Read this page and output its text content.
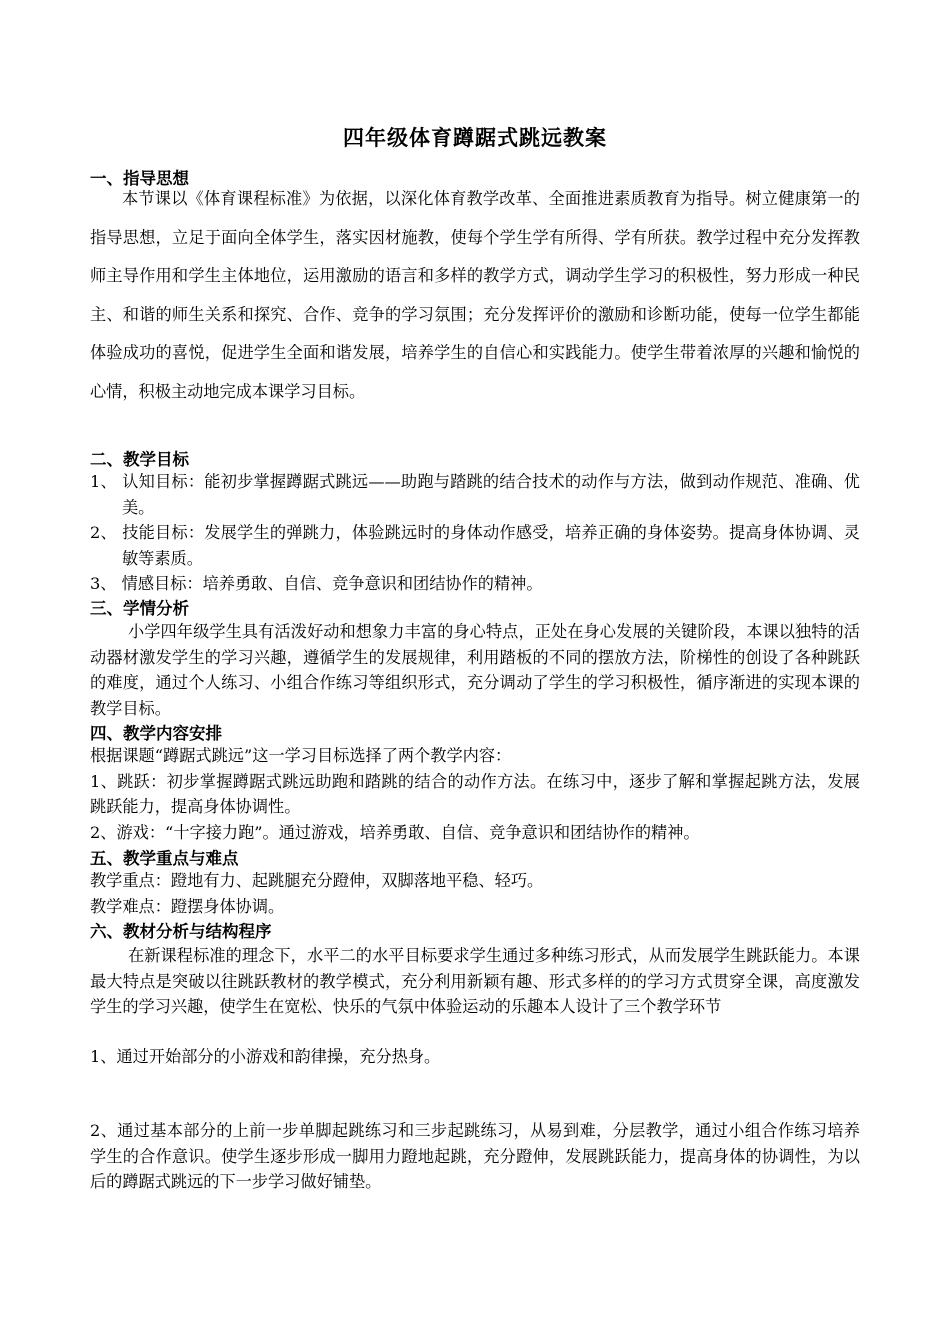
四年级体育蹲踞式跳远教案
一、指导思想
本节课以《体育课程标准》为依据，以深化体育教学改革、全面推进素质教育为指导。树立健康第一的指导思想，立足于面向全体学生，落实因材施教，使每个学生学有所得、学有所获。教学过程中充分发挥教师主导作用和学生主体地位，运用激励的语言和多样的教学方式，调动学生学习的积极性，努力形成一种民主、和谐的师生关系和探究、合作、竞争的学习氛围；充分发挥评价的激励和诊断功能，使每一位学生都能体验成功的喜悦，促进学生全面和谐发展，培养学生的自信心和实践能力。使学生带着浓厚的兴趣和愉悦的心情，积极主动地完成本课学习目标。
二、教学目标
1、 认知目标：能初步掌握蹲踞式跳远——助跑与踏跳的结合技术的动作与方法，做到动作规范、准确、优美。
2、 技能目标：发展学生的弹跳力，体验跳远时的身体动作感受，培养正确的身体姿势。提高身体协调、灵敏等素质。
3、 情感目标：培养勇敢、自信、竞争意识和团结协作的精神。
三、学情分析
小学四年级学生具有活泼好动和想象力丰富的身心特点，正处在身心发展的关键阶段，本课以独特的活动器材激发学生的学习兴趣，遵循学生的发展规律，利用踏板的不同的摆放方法，阶梯性的创设了各种跳跃的难度，通过个人练习、小组合作练习等组织形式，充分调动了学生的学习积极性，循序渐进的实现本课的教学目标。
四、教学内容安排
根据课题“蹲踞式跳远”这一学习目标选择了两个教学内容：
1、跳跃：初步掌握蹲踞式跳远助跑和踏跳的结合的动作方法。在练习中，逐步了解和掌握起跳方法，发展跳跃能力，提高身体协调性。
2、游戏：“十字接力跑”。通过游戏，培养勇敢、自信、竞争意识和团结协作的精神。
五、教学重点与难点
教学重点：蹬地有力、起跳腿充分蹬伸，双脚落地平稳、轻巧。
教学难点：蹬摆身体协调。
六、教材分析与结构程序
在新课程标准的理念下，水平二的水平目标要求学生通过多种练习形式，从而发展学生跳跃能力。本课最大特点是突破以往跳跃教材的教学模式，充分利用新颖有趣、形式多样的的学习方式贯穿全课，高度激发学生的学习兴趣，使学生在宽松、快乐的气氛中体验运动的乐趣本人设计了三个教学环节
1、通过开始部分的小游戏和韵律操，充分热身。
2、通过基本部分的上前一步单脚起跳练习和三步起跳练习，从易到难，分层教学，通过小组合作练习培养学生的合作意识。使学生逐步形成一脚用力蹬地起跳，充分蹬伸，发展跳跃能力，提高身体的协调性，为以后的蹲踞式跳远的下一步学习做好铺垫。
